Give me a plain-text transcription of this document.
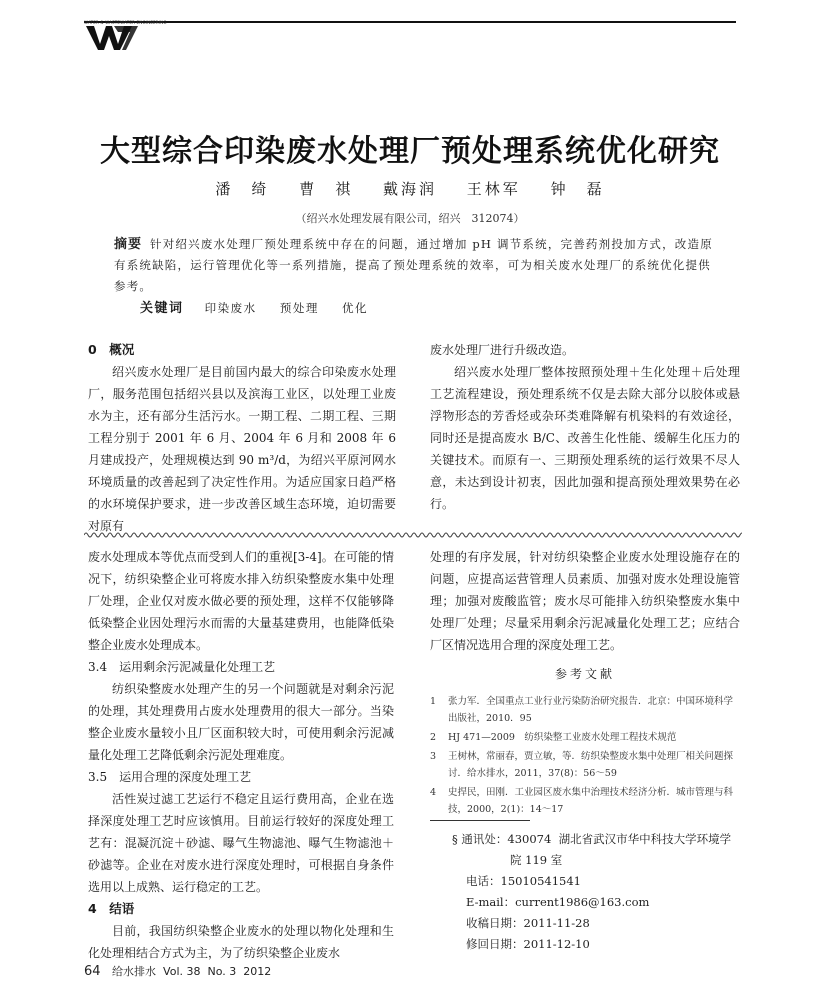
WATER & WASTEWATER ENGINEERING
大型综合印染废水处理厂预处理系统优化研究
潘　绮 曹　祺 戴海润 王林军 钟　磊
（绍兴水处理发展有限公司，绍兴　312074）
摘要 针对绍兴废水处理厂预处理系统中存在的问题，通过增加 pH 调节系统，完善药剂投加方式，改造原有系统缺陷，运行管理优化等一系列措施，提高了预处理系统的效率，可为相关废水处理厂的系统优化提供参考。
关键词 印染废水 预处理 优化

0　概况

绍兴废水处理厂是目前国内最大的综合印染废水处理厂，服务范围包括绍兴县以及滨海工业区，以处理工业废水为主，还有部分生活污水。一期工程、二期工程、三期工程分别于 2001 年 6 月、2004 年 6 月和 2008 年 6 月建成投产，处理规模达到 90 m³/d，为绍兴平原河网水环境质量的改善起到了决定性作用。为适应国家日趋严格的水环境保护要求，进一步改善区域生态环境，迫切需要对原有

废水处理厂进行升级改造。

绍兴废水处理厂整体按照预处理＋生化处理＋后处理工艺流程建设，预处理系统不仅是去除大部分以胶体或悬浮物形态的芳香烃或杂环类难降解有机染料的有效途径，同时还是提高废水 B/C、改善生化性能、缓解生化压力的关键技术。而原有一、三期预处理系统的运行效果不尽人意，未达到设计初衷，因此加强和提高预处理效果势在必行。

废水处理成本等优点而受到人们的重视[3-4]。在可能的情况下，纺织染整企业可将废水排入纺织染整废水集中处理厂处理，企业仅对废水做必要的预处理，这样不仅能够降低染整企业因处理污水而需的大量基建费用，也能降低染整企业废水处理成本。

3.4　运用剩余污泥减量化处理工艺

纺织染整废水处理产生的另一个问题就是对剩余污泥的处理，其处理费用占废水处理费用的很大一部分。当染整企业废水量较小且厂区面积较大时，可使用剩余污泥减量化处理工艺降低剩余污泥处理难度。

3.5　运用合理的深度处理工艺

活性炭过滤工艺运行不稳定且运行费用高，企业在选择深度处理工艺时应该慎用。目前运行较好的深度处理工艺有：混凝沉淀＋砂滤、曝气生物滤池、曝气生物滤池＋砂滤等。企业在对废水进行深度处理时，可根据自身条件选用以上成熟、运行稳定的工艺。

4　结语

目前，我国纺织染整企业废水的处理以物化处理和生化处理相结合方式为主，为了纺织染整企业废水

处理的有序发展，针对纺织染整企业废水处理设施存在的问题，应提高运营管理人员素质、加强对废水处理设施管理；加强对废酸监管；废水尽可能排入纺织染整废水集中处理厂处理；尽量采用剩余污泥减量化处理工艺；应结合厂区情况选用合理的深度处理工艺。

参考文献
1 张力军．全国重点工业行业污染防治研究报告．北京：中国环境科学出版社，2010．95
2 HJ 471—2009　纺织染整工业废水处理工程技术规范
3 王树林，常丽春，贾立敏，等．纺织染整废水集中处理厂相关问题探讨．给水排水，2011，37(8)：56～59
4 史捍民，田刚．工业园区废水集中治理技术经济分析．城市管理与科技，2000，2(1)：14～17
§ 通讯处：430074 湖北省武汉市华中科技大学环境学
院 119 室
电话：15010541541
E-mail：current1986@163.com
收稿日期：2011-11-28
修回日期：2011-12-10
64 给水排水 Vol. 38 No. 3 2012
